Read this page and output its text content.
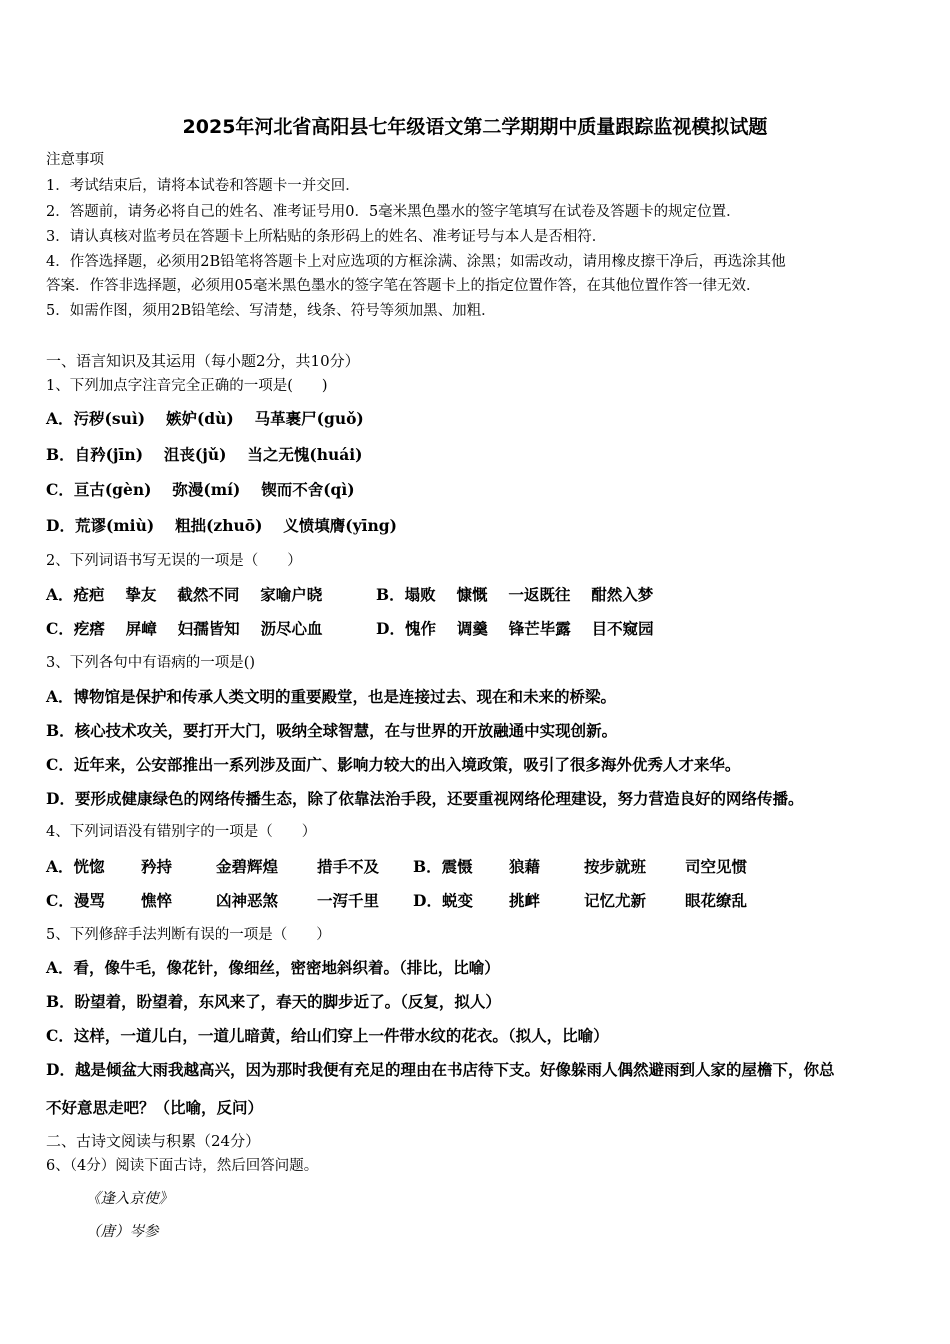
2025年河北省高阳县七年级语文第二学期期中质量跟踪监视模拟试题
注意事项
1．考试结束后，请将本试卷和答题卡一并交回．
2．答题前，请务必将自己的姓名、准考证号用0．5毫米黑色墨水的签字笔填写在试卷及答题卡的规定位置．
3．请认真核对监考员在答题卡上所粘贴的条形码上的姓名、准考证号与本人是否相符．
4．作答选择题，必须用2B铅笔将答题卡上对应选项的方框涂满、涂黑；如需改动，请用橡皮擦干净后，再选涂其他
答案．作答非选择题，必须用05毫米黑色墨水的签字笔在答题卡上的指定位置作答，在其他位置作答一律无效．
5．如需作图，须用2B铅笔绘、写清楚，线条、符号等须加黑、加粗．
一、语言知识及其运用（每小题2分，共10分）
1、下列加点字注音完全正确的一项是(　　)
A．污秽(suì)　 嫉妒(dù)　 马革裹尸(guǒ)
B．自矜(jīn)　 沮丧(jǔ)　 当之无愧(huái)
C．亘古(gèn)　 弥漫(mí)　 锲而不舍(qì)
D．荒谬(miù)　 粗拙(zhuō)　 义愤填膺(yīng)
2、下列词语书写无误的一项是（　　）
A．疮疤　 挚友　 截然不同　 家喻户晓	B．塌败　 慷慨　 一返既往　 酣然入梦
C．疙瘩　 屏嶂　 妇孺皆知　 沥尽心血	D．愧作　 调羹　 锋芒毕露　 目不窥园
3、下列各句中有语病的一项是()
A．博物馆是保护和传承人类文明的重要殿堂，也是连接过去、现在和未来的桥梁。
B．核心技术攻关，要打开大门，吸纳全球智慧，在与世界的开放融通中实现创新。
C．近年来，公安部推出一系列涉及面广、影响力较大的出入境政策，吸引了很多海外优秀人才来华。
D．要形成健康绿色的网络传播生态，除了依靠法治手段，还要重视网络伦理建设，努力营造良好的网络传播。
4、下列词语没有错别字的一项是（　　）
A．恍惚 矜持	金碧辉煌	措手不及 B．震慑 狼藉	按步就班	司空见惯
C．漫骂 憔悴	凶神恶煞	一泻千里 D．蜕变 挑衅	记忆尤新	眼花缭乱
5、下列修辞手法判断有误的一项是（　　）
A．看，像牛毛，像花针，像细丝，密密地斜织着。（排比，比喻）
B．盼望着，盼望着，东风来了，春天的脚步近了。（反复，拟人）
C．这样，一道儿白，一道儿暗黄，给山们穿上一件带水纹的花衣。（拟人，比喻）
D．越是倾盆大雨我越高兴，因为那时我便有充足的理由在书店待下支。好像躲雨人偶然避雨到人家的屋檐下，你总
不好意思走吧？（比喻，反问）
二、古诗文阅读与积累（24分）
6、（4分）阅读下面古诗，然后回答问题。
《逢入京使》
（唐）岑参
